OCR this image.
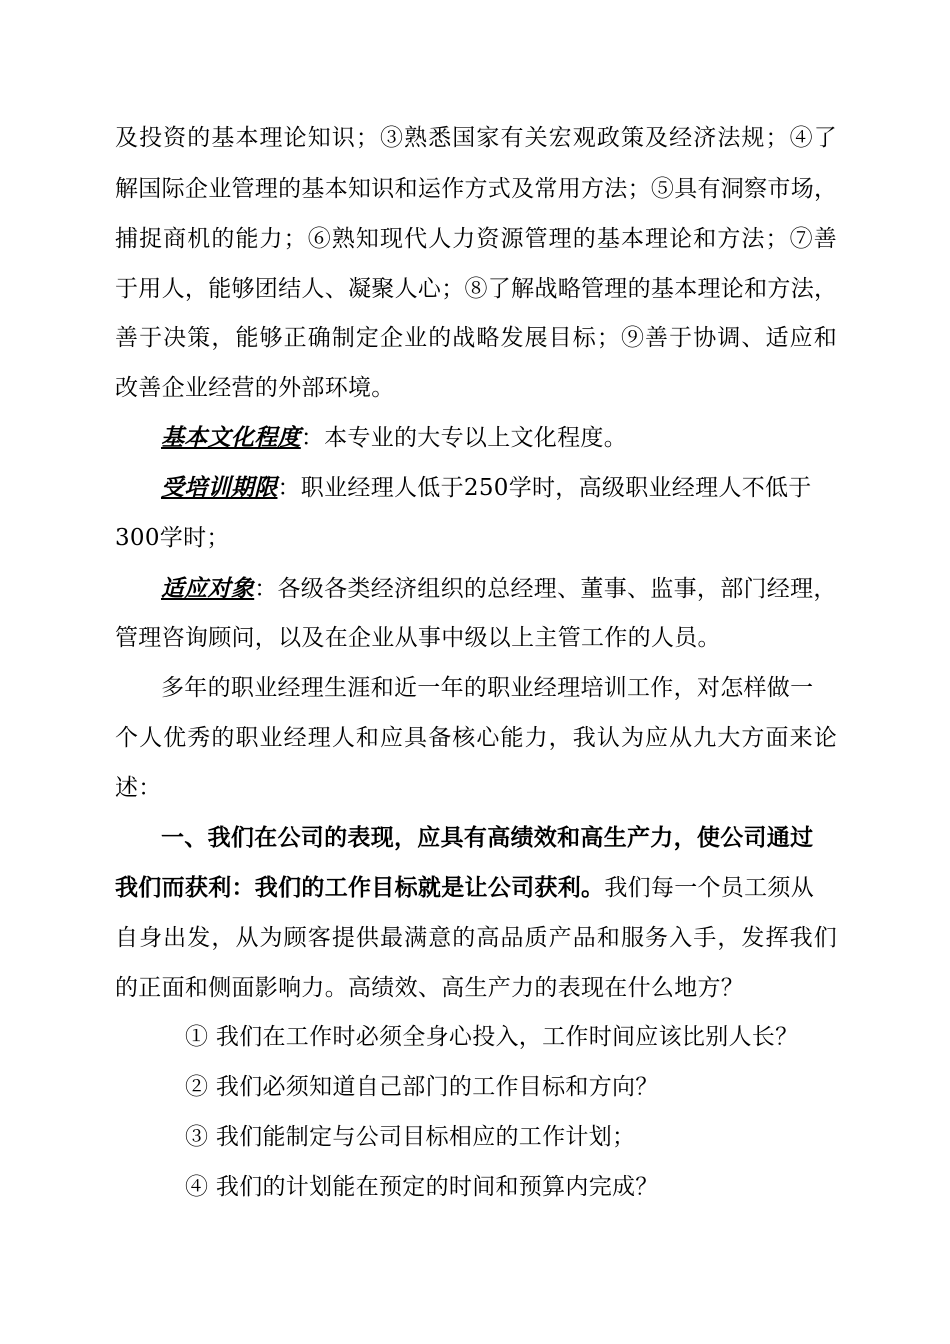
及投资的基本理论知识；③熟悉国家有关宏观政策及经济法规；④了
解国际企业管理的基本知识和运作方式及常用方法；⑤具有洞察市场，
捕捉商机的能力；⑥熟知现代人力资源管理的基本理论和方法；⑦善
于用人，能够团结人、凝聚人心；⑧了解战略管理的基本理论和方法，
善于决策，能够正确制定企业的战略发展目标；⑨善于协调、适应和
改善企业经营的外部环境。
基本文化程度：本专业的大专以上文化程度。
受培训期限：职业经理人低于250学时，高级职业经理人不低于
300学时；
适应对象：各级各类经济组织的总经理、董事、监事，部门经理，
管理咨询顾问，以及在企业从事中级以上主管工作的人员。
多年的职业经理生涯和近一年的职业经理培训工作，对怎样做一
个人优秀的职业经理人和应具备核心能力，我认为应从九大方面来论
述：
一、我们在公司的表现，应具有高绩效和高生产力，使公司通过
我们而获利：我们的工作目标就是让公司获利。我们每一个员工须从
自身出发，从为顾客提供最满意的高品质产品和服务入手，发挥我们
的正面和侧面影响力。高绩效、高生产力的表现在什么地方？
① 我们在工作时必须全身心投入，工作时间应该比别人长？
② 我们必须知道自己部门的工作目标和方向？
③ 我们能制定与公司目标相应的工作计划；
④ 我们的计划能在预定的时间和预算内完成？
